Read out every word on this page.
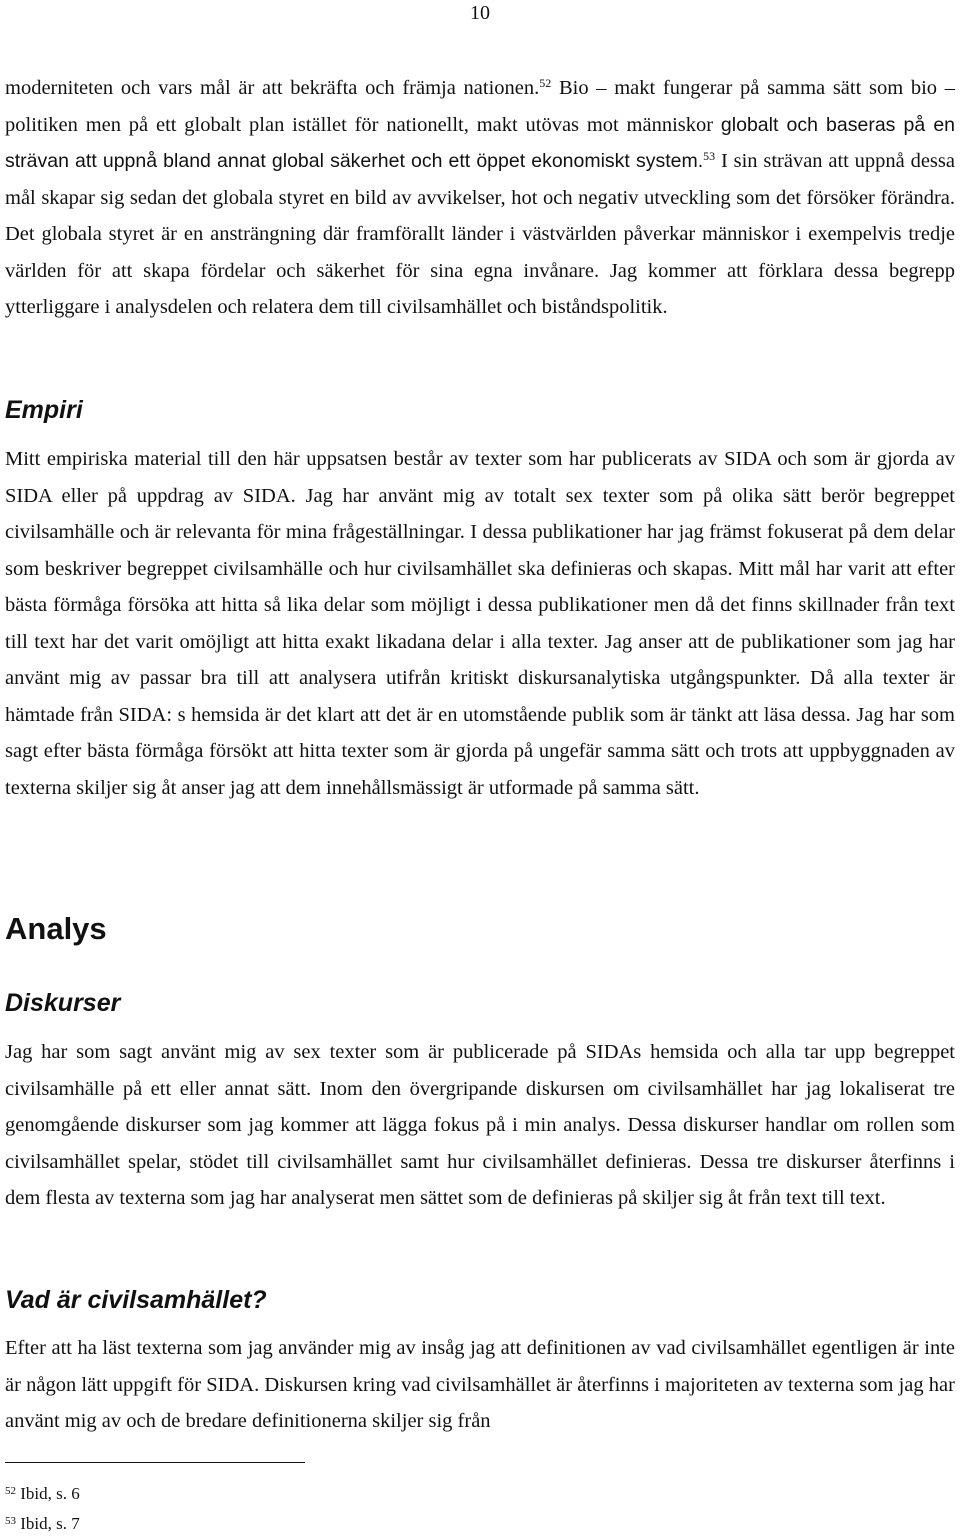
10

moderniteten och vars mål är att bekräfta och främja nationen.$^{52}$ Bio – makt fungerar på samma sätt som bio – politiken men på ett globalt plan istället för nationellt, makt utövas mot människor globalt och baseras på en strävan att uppnå bland annat global säkerhet och ett öppet ekonomiskt system.$^{53}$ I sin strävan att uppnå dessa mål skapar sig sedan det globala styret en bild av avvikelser, hot och negativ utveckling som det försöker förändra. Det globala styret är en ansträngning där framförallt länder i västvärlden påverkar människor i exempelvis tredje världen för att skapa fördelar och säkerhet för sina egna invånare. Jag kommer att förklara dessa begrepp ytterliggare i analysdelen och relatera dem till civilsamhället och biståndspolitik.

Empiri

Mitt empiriska material till den här uppsatsen består av texter som har publicerats av SIDA och som är gjorda av SIDA eller på uppdrag av SIDA. Jag har använt mig av totalt sex texter som på olika sätt berör begreppet civilsamhälle och är relevanta för mina frågeställningar. I dessa publikationer har jag främst fokuserat på dem delar som beskriver begreppet civilsamhälle och hur civilsamhället ska definieras och skapas. Mitt mål har varit att efter bästa förmåga försöka att hitta så lika delar som möjligt i dessa publikationer men då det finns skillnader från text till text har det varit omöjligt att hitta exakt likadana delar i alla texter. Jag anser att de publikationer som jag har använt mig av passar bra till att analysera utifrån kritiskt diskursanalytiska utgångspunkter. Då alla texter är hämtade från SIDA: s hemsida är det klart att det är en utomstående publik som är tänkt att läsa dessa. Jag har som sagt efter bästa förmåga försökt att hitta texter som är gjorda på ungefär samma sätt och trots att uppbyggnaden av texterna skiljer sig åt anser jag att dem innehållsmässigt är utformade på samma sätt.

Analys
Diskurser

Jag har som sagt använt mig av sex texter som är publicerade på SIDAs hemsida och alla tar upp begreppet civilsamhälle på ett eller annat sätt. Inom den övergripande diskursen om civilsamhället har jag lokaliserat tre genomgående diskurser som jag kommer att lägga fokus på i min analys. Dessa diskurser handlar om rollen som civilsamhället spelar, stödet till civilsamhället samt hur civilsamhället definieras. Dessa tre diskurser återfinns i dem flesta av texterna som jag har analyserat men sättet som de definieras på skiljer sig åt från text till text.

Vad är civilsamhället?

Efter att ha läst texterna som jag använder mig av insåg jag att definitionen av vad civilsamhället egentligen är inte är någon lätt uppgift för SIDA. Diskursen kring vad civilsamhället är återfinns i majoriteten av texterna som jag har använt mig av och de bredare definitionerna skiljer sig från

$^{52}$ Ibid, s. 6
$^{53}$ Ibid, s. 7
